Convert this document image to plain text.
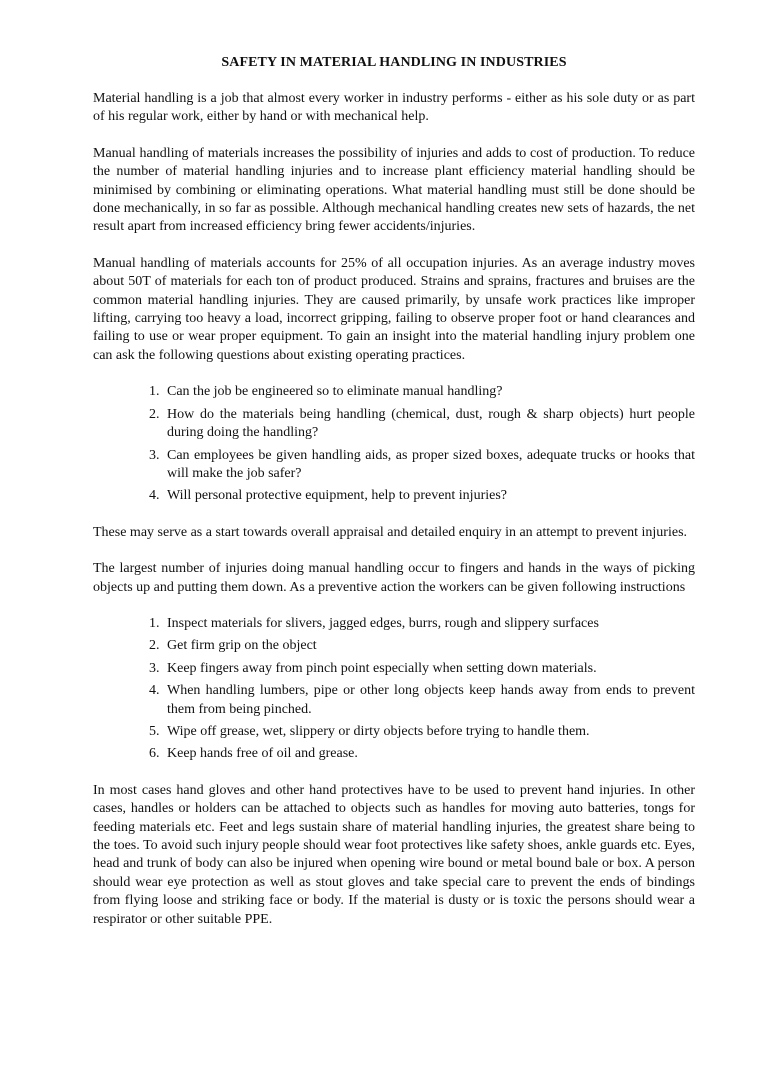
SAFETY IN MATERIAL HANDLING IN INDUSTRIES

Material handling is a job that almost every worker in industry performs - either as his sole duty or as part of his regular work, either by hand or with mechanical help.

Manual handling of materials increases the possibility of injuries and adds to cost of production. To reduce the number of material handling injuries and to increase plant efficiency material handling should be minimised by combining or eliminating operations. What material handling must still be done should be done mechanically, in so far as possible. Although mechanical handling creates new sets of hazards, the net result apart from increased efficiency bring fewer accidents/injuries.

Manual handling of materials accounts for 25% of all occupation injuries. As an average industry moves about 50T of materials for each ton of product produced. Strains and sprains, fractures and bruises are the common material handling injuries. They are caused primarily, by unsafe work practices like improper lifting, carrying too heavy a load, incorrect gripping, failing to observe proper foot or hand clearances and failing to use or wear proper equipment. To gain an insight into the material handling injury problem one can ask the following questions about existing operating practices.

1. Can the job be engineered so to eliminate manual handling?
2. How do the materials being handling (chemical, dust, rough & sharp objects) hurt people during doing the handling?
3. Can employees be given handling aids, as proper sized boxes, adequate trucks or hooks that will make the job safer?
4. Will personal protective equipment, help to prevent injuries?

These may serve as a start towards overall appraisal and detailed enquiry in an attempt to prevent injuries.

The largest number of injuries doing manual handling occur to fingers and hands in the ways of picking objects up and putting them down. As a preventive action the workers can be given following instructions

1. Inspect materials for slivers, jagged edges, burrs, rough and slippery surfaces
2. Get firm grip on the object
3. Keep fingers away from pinch point especially when setting down materials.
4. When handling lumbers, pipe or other long objects keep hands away from ends to prevent them from being pinched.
5. Wipe off grease, wet, slippery or dirty objects before trying to handle them.
6. Keep hands free of oil and grease.

In most cases hand gloves and other hand protectives have to be used to prevent hand injuries. In other cases, handles or holders can be attached to objects such as handles for moving auto batteries, tongs for feeding materials etc. Feet and legs sustain share of material handling injuries, the greatest share being to the toes. To avoid such injury people should wear foot protectives like safety shoes, ankle guards etc. Eyes, head and trunk of body can also be injured when opening wire bound or metal bound bale or box. A person should wear eye protection as well as stout gloves and take special care to prevent the ends of bindings from flying loose and striking face or body. If the material is dusty or is toxic the persons should wear a respirator or other suitable PPE.
